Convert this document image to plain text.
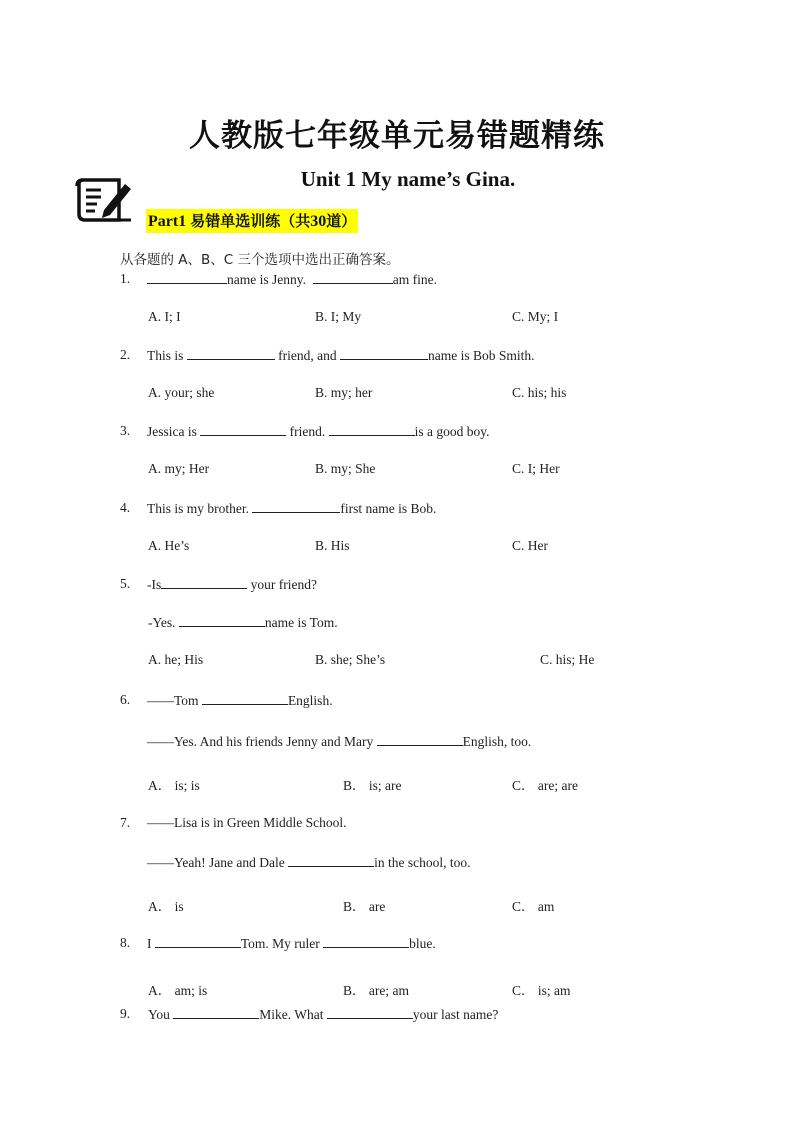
人教版七年级单元易错题精练
Unit 1 My name’s Gina.
Part1 易错单选训练（共30道）
从各题的 A、B、C 三个选项中选出正确答案。
1.	name is Jenny.	am fine.
A. I; I	B. I; My	C. My; I
2. This is	friend, and	name is Bob Smith.
A. your; she	B. my; her	C. his; his
3. Jessica is	friend.	is a good boy.
A. my; Her	B. my; She	C. I; Her
4. This is my brother.	first name is Bob.
A. He’s	B. His	C. Her
5. -Is	your friend?
-Yes.	name is Tom.
A. he; His	B. she; She’s	C. his; He
6. ——Tom	English.
——Yes. And his friends Jenny and Mary	English, too.
A． is; is	B． is; are	C． are; are
7. ——Lisa is in Green Middle School.
——Yeah! Jane and Dale	in the school, too.
A． is	B． are	C． am
8. I	Tom. My ruler	blue.
A． am; is	B． are; am	C． is; am
9. You	Mike. What	your last name?
